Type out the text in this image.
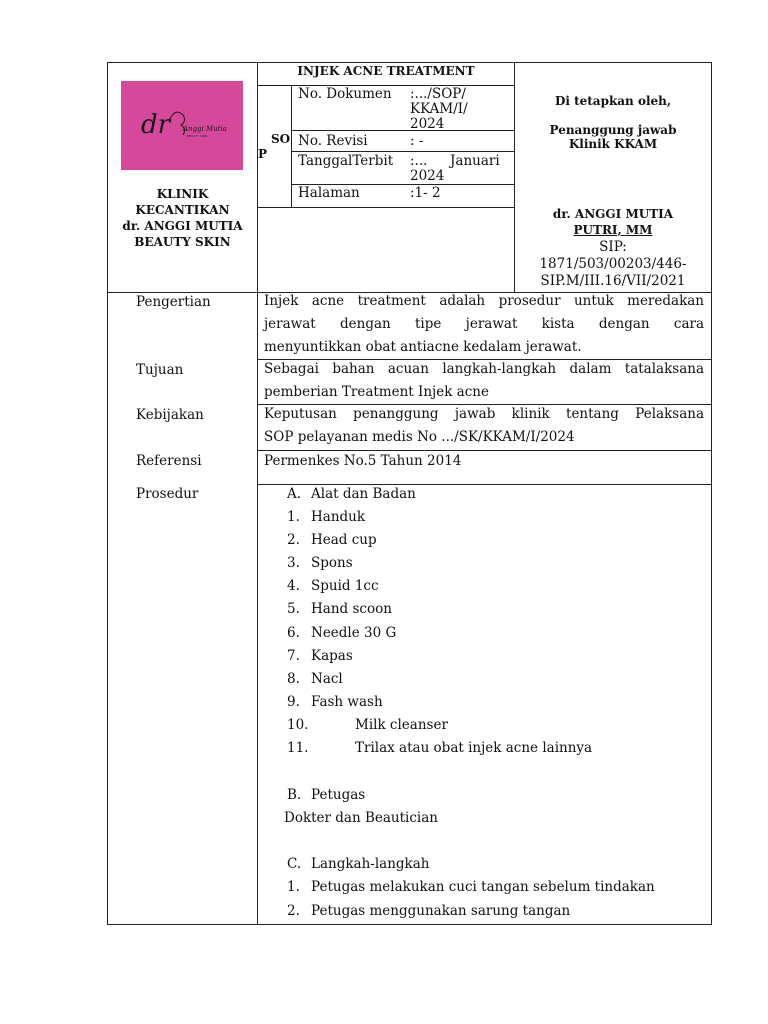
dr Anggi Mutia
BEAUTY SKIN
KLINIK
KECANTIKAN
dr. ANGGI MUTIA
BEAUTY SKIN
INJEK ACNE TREATMENT
SO
P
No. Dokumen :.../SOP/
KKAM/I/
2024
No. Revisi	: -
TanggalTerbit :... Januari
2024
Halaman	:1- 2
Di tetapkan oleh,
Penanggung jawab
Klinik KKAM
dr. ANGGI MUTIA
PUTRI, MM
SIP:
1871/503/00203/446-
SIP.M/III.16/VII/2021
Pengertian	Injek acne treatment adalah prosedur untuk meredakan
jerawat dengan tipe jerawat kista dengan cara
menyuntikkan obat antiacne kedalam jerawat.
Tujuan	Sebagai bahan acuan langkah-langkah dalam tatalaksana
pemberian Treatment Injek acne
Kebijakan	Keputusan penanggung jawab klinik tentang Pelaksana
SOP pelayanan medis No .../SK/KKAM/I/2024
Referensi	Permenkes No.5 Tahun 2014
Prosedur	A. Alat dan Badan
1. Handuk
2. Head cup
3. Spons
4. Spuid 1cc
5. Hand scoon
6. Needle 30 G
7. Kapas
8. Nacl
9. Fash wash
10.	Milk cleanser
11.	Trilax atau obat injek acne lainnya
B. Petugas
Dokter dan Beautician
C. Langkah-langkah
1. Petugas melakukan cuci tangan sebelum tindakan
2. Petugas menggunakan sarung tangan
